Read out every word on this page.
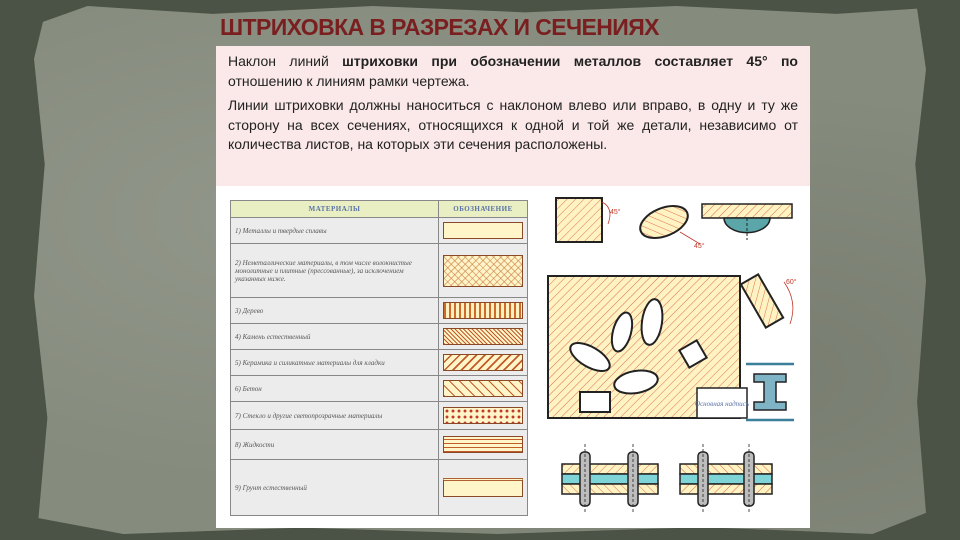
ШТРИХОВКА В РАЗРЕЗАХ И СЕЧЕНИЯХ

Наклон линий штриховки при обозначении металлов составляет 45° по отношению к линиям рамки чертежа.

Линии штриховки должны наноситься с наклоном влево или вправо, в одну и ту же сторону на всех сечениях, относящихся к одной и той же детали, независимо от количества листов, на которых эти сечения расположены.

МАТЕРИАЛЫ	ОБОЗНАЧЕНИЕ
1) Металлы и твердые сплавы	
2) Неметаллические материалы, в том числе волокнистые монолитные и плитные (прессованные), за исключением указанных ниже.	
3) Дерево	
4) Камень естественный	
5) Керамика и силикатные материалы для кладки	
6) Бетон	
7) Стекло и другие светопрозрачные материалы	
8) Жидкости	
9) Грунт естественный	
45°
45°
Основная надпись
60°
